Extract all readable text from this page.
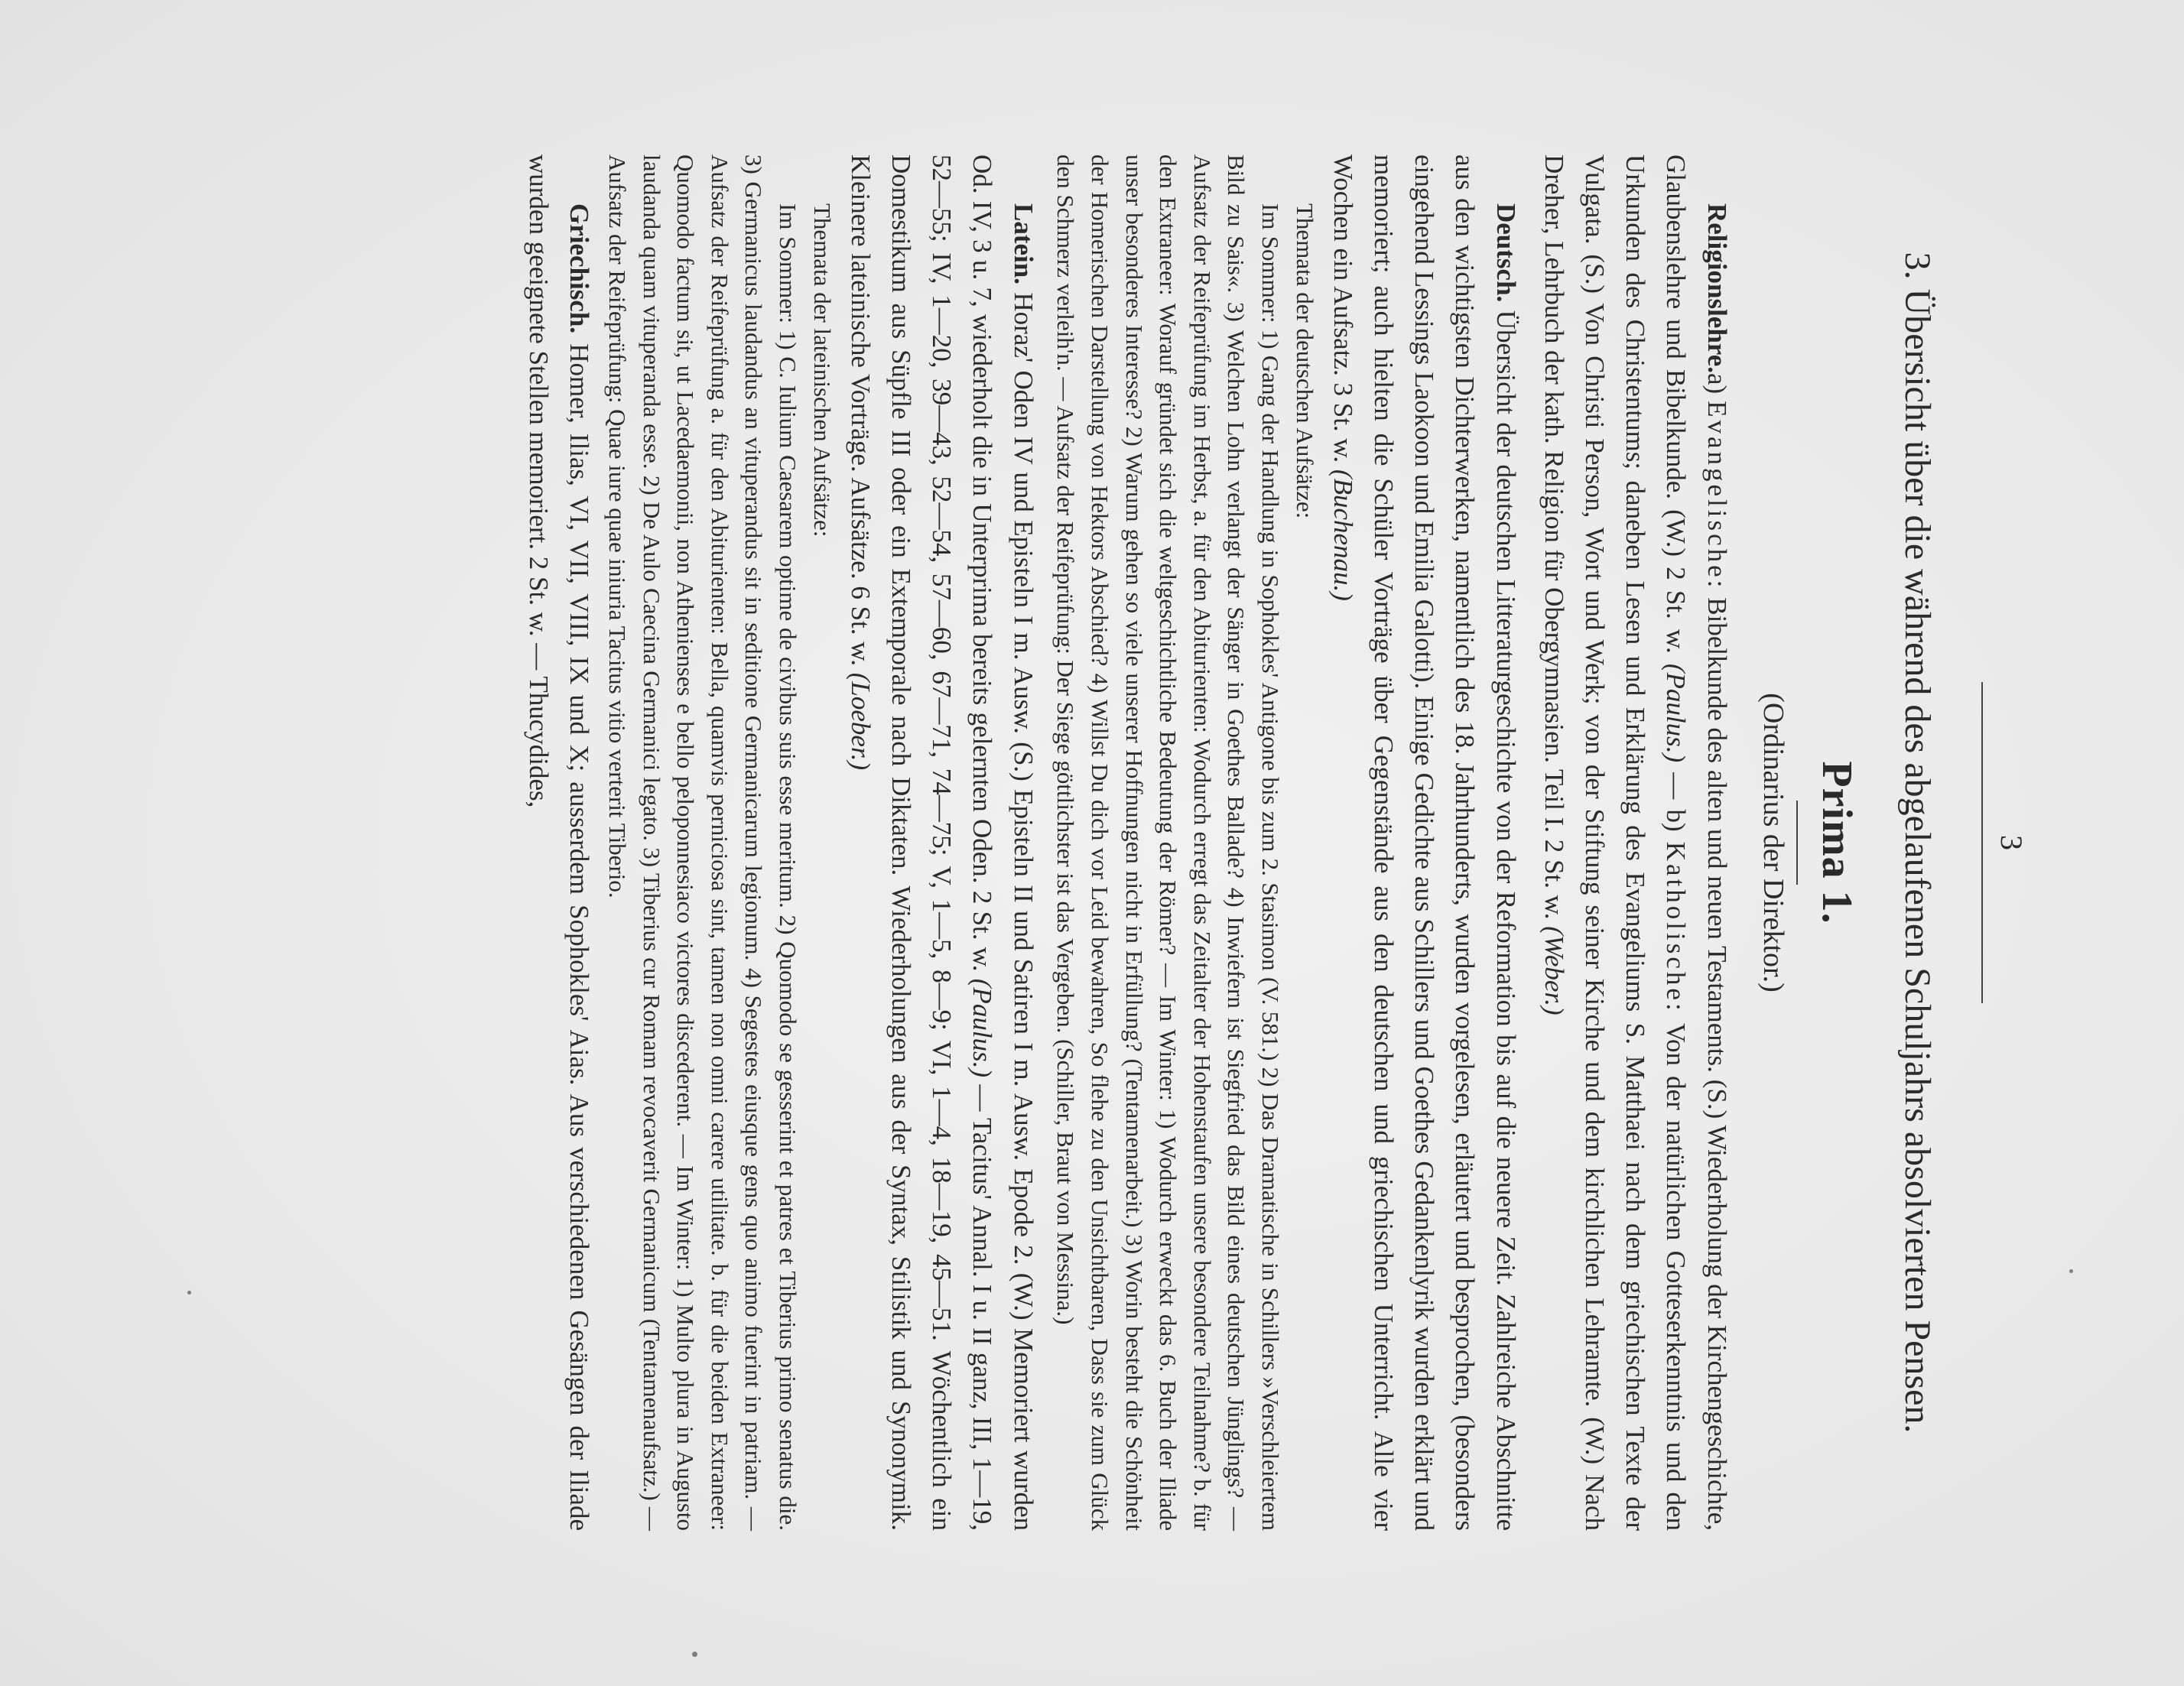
3
3. Übersicht über die während des abgelaufenen Schuljahrs absolvierten Pensen.
Prima 1.
(Ordinarius der Direktor.)

Religionslehre.a) Evangelische: Bibelkunde des alten und neuen Testaments. (S.) Wiederholung der Kirchengeschichte, Glaubenslehre und Bibelkunde. (W.) 2 St. w. (Paulus.) — b) Katholische: Von der natürlichen Gotteserkenntnis und den Urkunden des Christentums; daneben Lesen und Erklärung des Evangeliums S. Matthaei nach dem griechischen Texte der Vulgata. (S.) Von Christi Person, Wort und Werk; von der Stiftung seiner Kirche und dem kirchlichen Lehramte. (W.) Nach Dreher, Lehrbuch der kath. Religion für Obergymnasien. Teil I. 2 St. w. (Weber.)

Deutsch. Übersicht der deutschen Litteraturgeschichte von der Reformation bis auf die neuere Zeit. Zahlreiche Abschnitte aus den wichtigsten Dichterwerken, namentlich des 18. Jahrhunderts, wurden vorgelesen, erläutert und besprochen, (besonders eingehend Lessings Laokoon und Emilia Galotti). Einige Gedichte aus Schillers und Goethes Gedankenlyrik wurden erklärt und memoriert; auch hielten die Schüler Vorträge über Gegenstände aus den deutschen und griechischen Unterricht. Alle vier Wochen ein Aufsatz. 3 St. w. (Buchenau.)

Themata der deutschen Aufsätze:

Im Sommer: 1) Gang der Handlung in Sophokles' Antigone bis zum 2. Stasimon (V. 581.) 2) Das Dramatische in Schillers »Verschleiertem Bild zu Sais«. 3) Welchen Lohn verlangt der Sänger in Goethes Ballade? 4) Inwiefern ist Siegfried das Bild eines deutschen Jünglings? — Aufsatz der Reifeprüfung im Herbst, a. für den Abiturienten: Wodurch erregt das Zeitalter der Hohenstaufen unsere besondere Teilnahme? b. für den Extraneer: Worauf gründet sich die weltgeschichtliche Bedeutung der Römer? — Im Winter: 1) Wodurch erweckt das 6. Buch der Iliade unser besonderes Interesse? 2) Warum gehen so viele unserer Hoffnungen nicht in Erfüllung? (Tentamenarbeit.) 3) Worin besteht die Schönheit der Homerischen Darstellung von Hektors Abschied? 4) Willst Du dich vor Leid bewahren, So flehe zu den Unsichtbaren, Dass sie zum Glück den Schmerz verleih'n. — Aufsatz der Reifeprüfung: Der Siege göttlichster ist das Vergeben. (Schiller, Braut von Messina.)

Latein. Horaz' Oden IV und Episteln I m. Ausw. (S.) Episteln II und Satiren I m. Ausw. Epode 2. (W.) Memoriert wurden Od. IV, 3 u. 7, wiederholt die in Unterprima bereits gelernten Oden. 2 St. w. (Paulus.) — Tacitus' Annal. I u. II ganz, III, 1—19, 52—55; IV, 1—20, 39—43, 52—54, 57—60, 67—71, 74—75; V, 1—5, 8—9; VI, 1—4, 18—19, 45—51. Wöchentlich ein Domestikum aus Süpfle III oder ein Extemporale nach Diktaten. Wiederholungen aus der Syntax, Stilistik und Synonymik. Kleinere lateinische Vorträge. Aufsätze. 6 St. w. (Loeber.)

Themata der lateinischen Aufsätze:

Im Sommer: 1) C. Iulium Caesarem optime de civibus suis esse meritum. 2) Quomodo se gesserint et patres et Tiberius primo senatus die. 3) Germanicus laudandus an vituperandus sit in seditione Germanicarum legionum. 4) Segestes eiusque gens quo animo fuerint in patriam. — Aufsatz der Reifeprüfung a. für den Abiturienten: Bella, quamvis perniciosa sint, tamen non omni carere utilitate. b. für die beiden Extraneer: Quomodo factum sit, ut Lacedaemonii, non Athenienses e bello peloponnesiaco victores discederent. — Im Winter: 1) Multo plura in Augusto laudanda quam vituperanda esse. 2) De Aulo Caecina Germanici legato. 3) Tiberius cur Romam revocaverit Germanicum (Tentamenaufsatz.) — Aufsatz der Reifeprüfung: Quae iure quae iniuria Tacitus vitio verterit Tiberio.

Griechisch. Homer, Ilias, VI, VII, VIII, IX und X; ausserdem Sophokles' Aias. Aus verschiedenen Gesängen der Iliade wurden geeignete Stellen memoriert. 2 St. w. — Thucydides,
